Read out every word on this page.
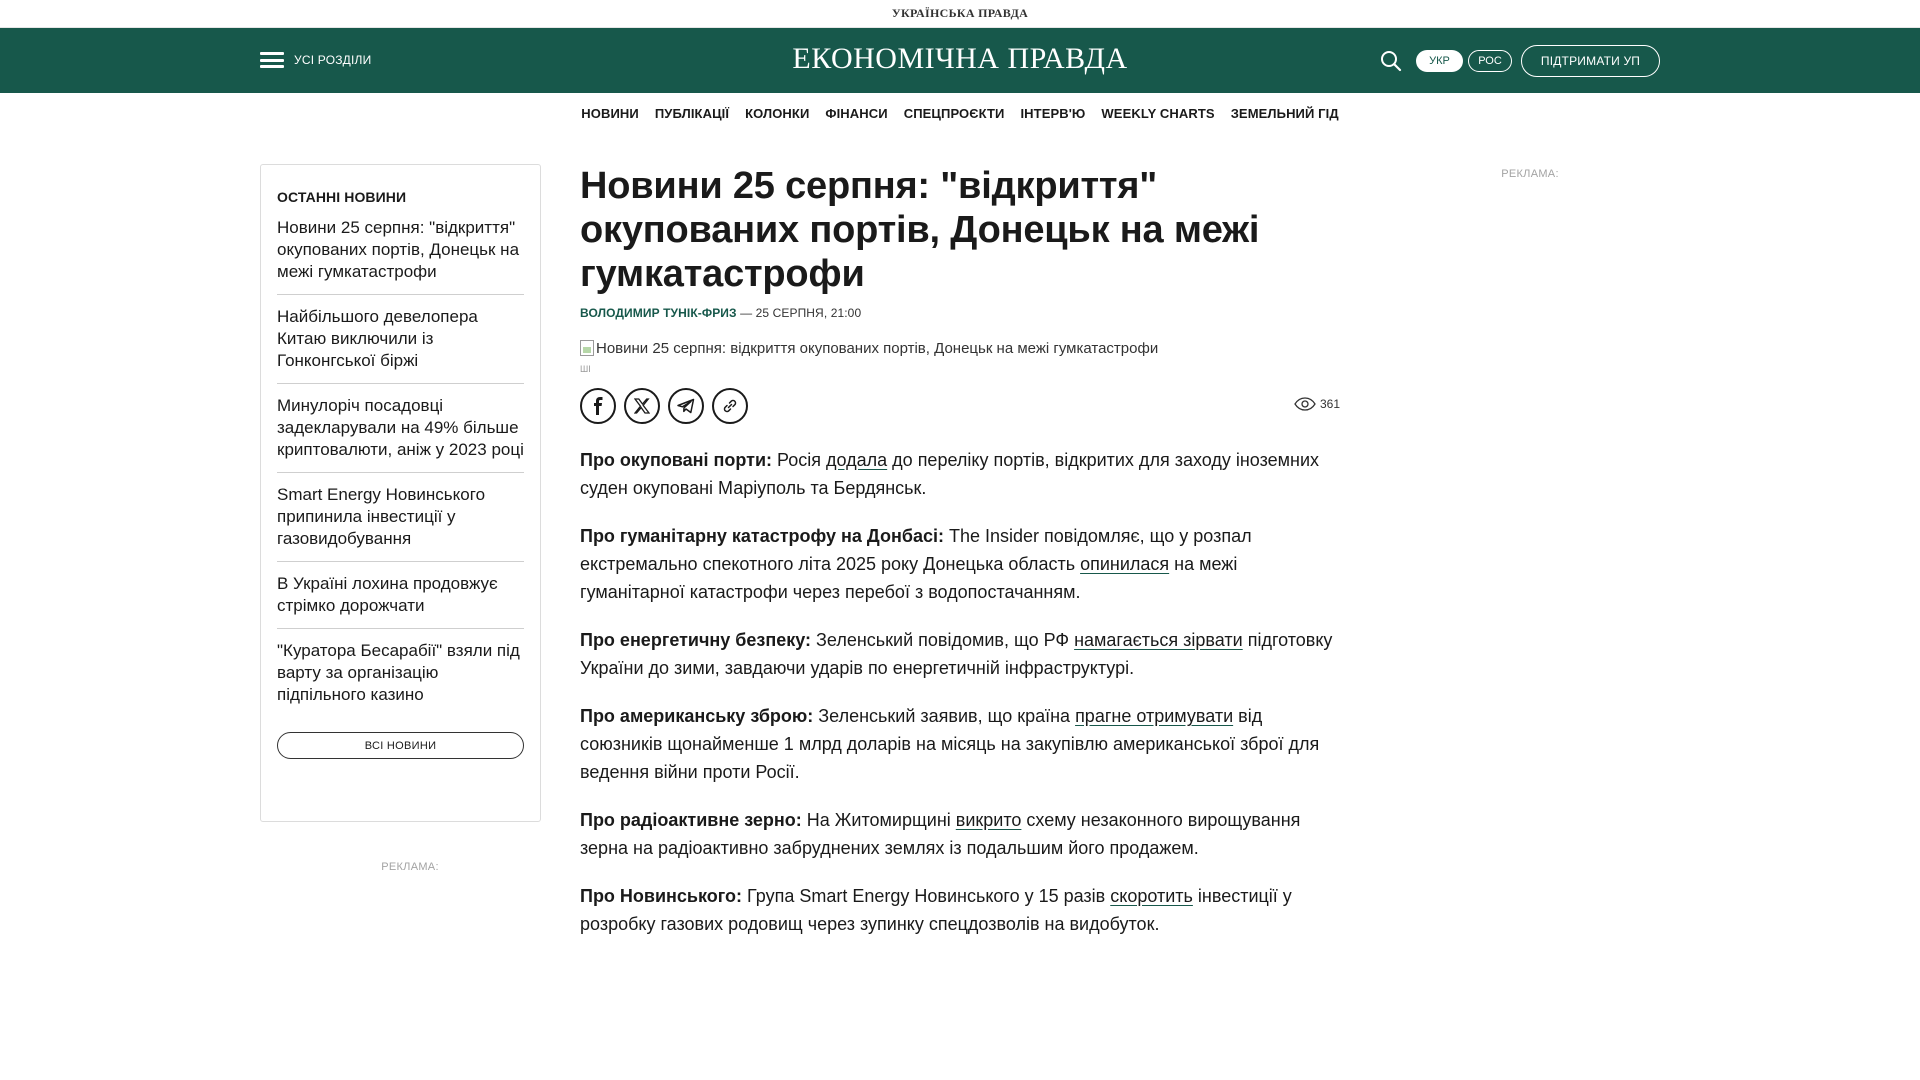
УКРАЇНСЬКА ПРАВДА
УСІ РОЗДІЛИ	ЕКОНОМІЧНА ПРАВДА	УКР	РОС	ПІДТРИМАТИ УП
НОВИНИ ПУБЛІКАЦІЇ КОЛОНКИ ФІНАНСИ СПЕЦПРОЄКТИ ІНТЕРВ'Ю WEEKLY CHARTS ЗЕМЕЛЬНИЙ ГІД
ОСТАННІ НОВИНИ
Новини 25 серпня: "відкриття" окупованих портів, Донецьк на межі гумкатастрофи
Найбільшого девелопера Китаю виключили із Гонконгської біржі
Минулоріч посадовці задекларували на 49% більше криптовалюти, аніж у 2023 році
Smart Energy Новинського припинила інвестиції у газовидобування
В Україні лохина продовжує стрімко дорожчати
"Куратора Бесарабії" взяли під варту за організацію підпільного казино
ВСІ НОВИНИ
РЕКЛАМА:
РЕКЛАМА:
Новини 25 серпня: "відкриття" окупованих портів, Донецьк на межі гумкатастрофи
ВОЛОДИМИР ТУНІК-ФРИЗ — 25 СЕРПНЯ, 21:00
Новини 25 серпня: відкриття окупованих портів, Донецьк на межі гумкатастрофи
ШІ
361

Про окуповані порти: Росія додала до переліку портів, відкритих для заходу іноземних суден окуповані Маріуполь та Бердянськ.

Про гуманітарну катастрофу на Донбасі: The Insider повідомляє, що у розпал екстремально спекотного літа 2025 року Донецька область опинилася на межі гуманітарної катастрофи через перебої з водопостачанням.

Про енергетичну безпеку: Зеленський повідомив, що РФ намагається зірвати підготовку України до зими, завдаючи ударів по енергетичній інфраструктурі.

Про американську зброю: Зеленський заявив, що країна прагне отримувати від союзників щонайменше 1 млрд доларів на місяць на закупівлю американської зброї для ведення війни проти Росії.

Про радіоактивне зерно: На Житомирщині викрито схему незаконного вирощування зерна на радіоактивно забруднених землях із подальшим його продажем.

Про Новинського: Група Smart Energy Новинського у 15 разів скоротить інвестиції у розробку газових родовищ через зупинку спецдозволів на видобуток.
